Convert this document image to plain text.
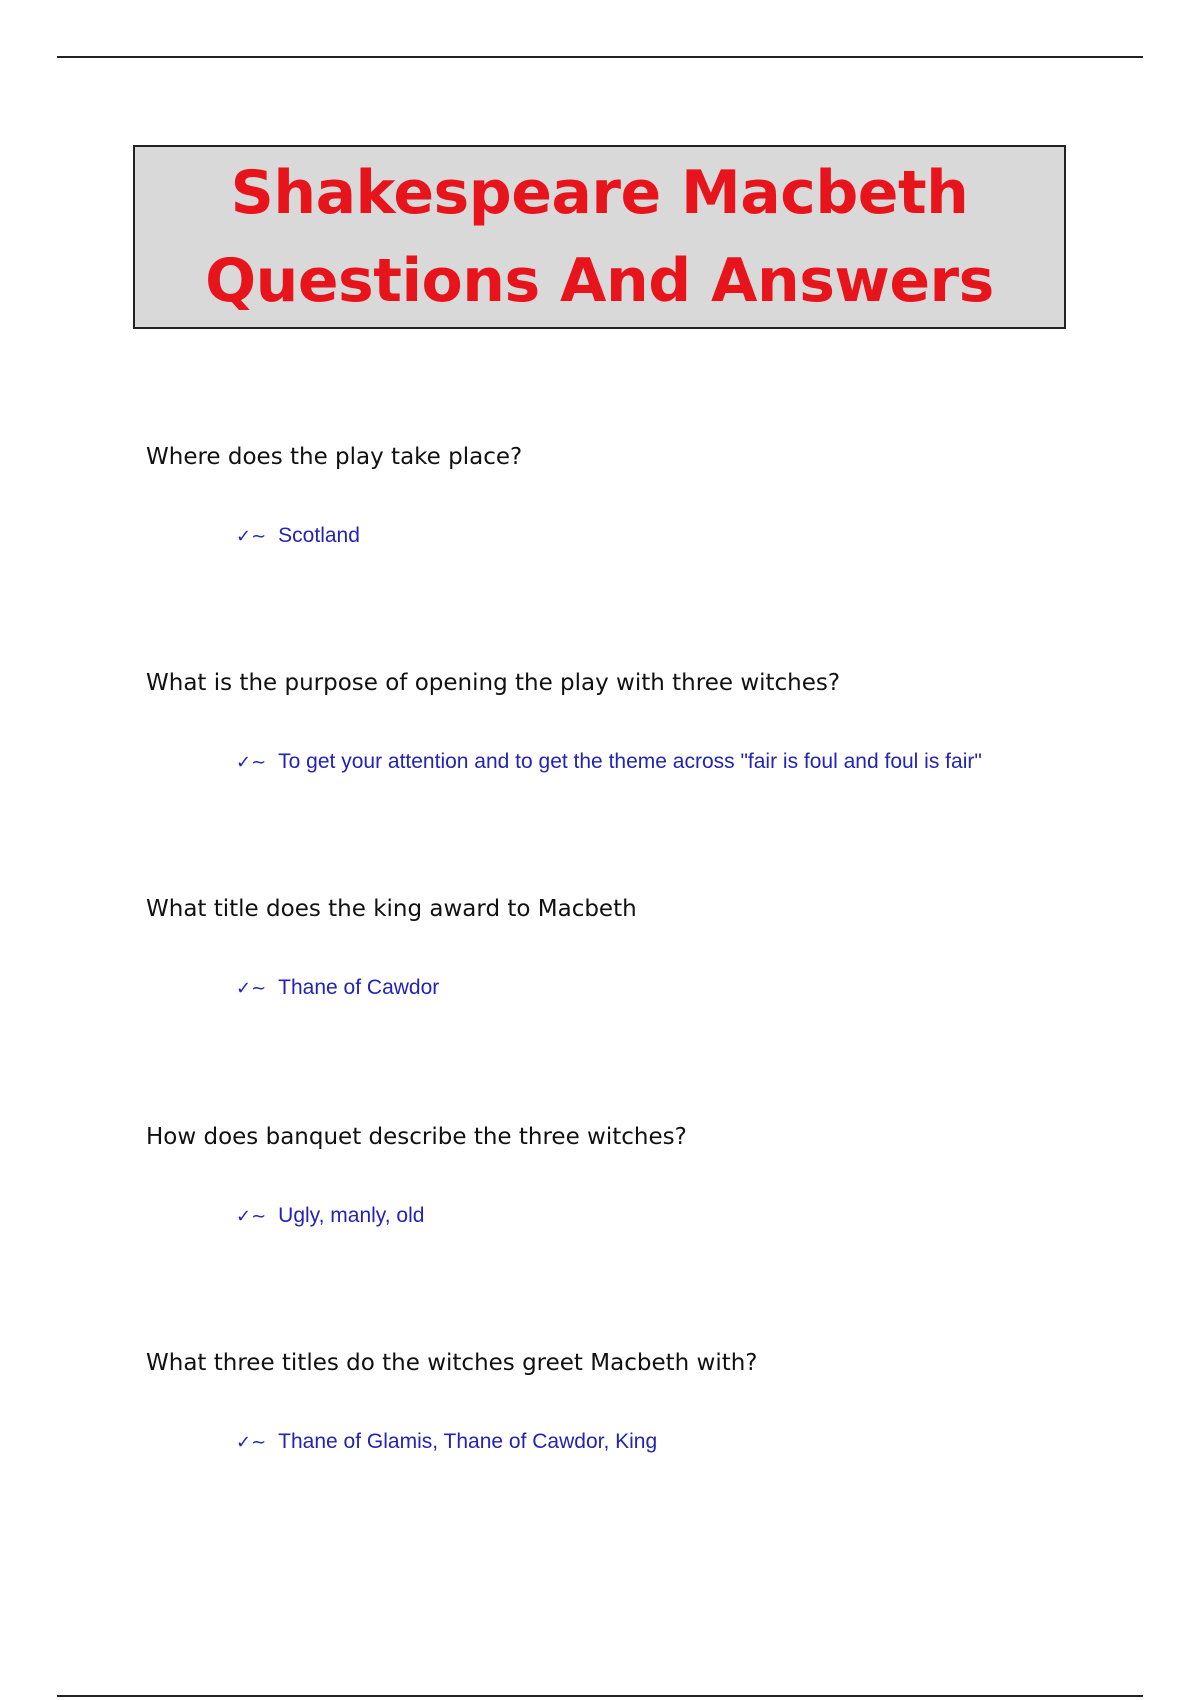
Shakespeare Macbeth
Questions And Answers
Where does the play take place?
✓~ Scotland
What is the purpose of opening the play with three witches?
✓~ To get your attention and to get the theme across "fair is foul and foul is fair"
What title does the king award to Macbeth
✓~ Thane of Cawdor
How does banquet describe the three witches?
✓~ Ugly, manly, old
What three titles do the witches greet Macbeth with?
✓~ Thane of Glamis, Thane of Cawdor, King
